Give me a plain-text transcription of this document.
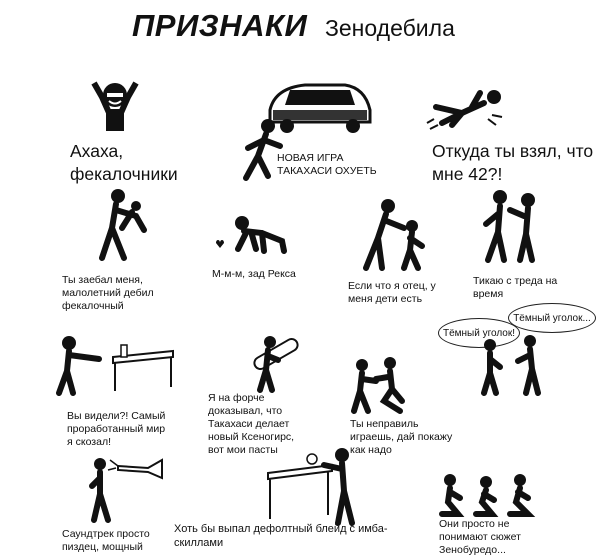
ПРИЗНАКИ Зенодебила
Ахаха,
фекалочники
НОВАЯ ИГРА
ТАКАХАСИ ОХУЕТЬ
Откуда ты взял, что
мне 42?!
Ты заебал меня,
малолетний дебил
фекалочный
М-м-м, зад Рекса
Если что я отец, у
меня дети есть
Тикаю с треда на
время
Тёмный уголок!
Тёмный уголок...
Вы видели?! Самый
проработанный мир
я скозал!
Я на форче
доказывал, что
Такахаси делает
новый Ксеногирс,
вот мои пасты
Ты неправиль
играешь, дай покажу
как надо
Саундтрек просто
пиздец, мощный
Хоть бы выпал дефолтный блейд с имба-
скиллами
Они просто не
понимают сюжет
Зенобуредо...
